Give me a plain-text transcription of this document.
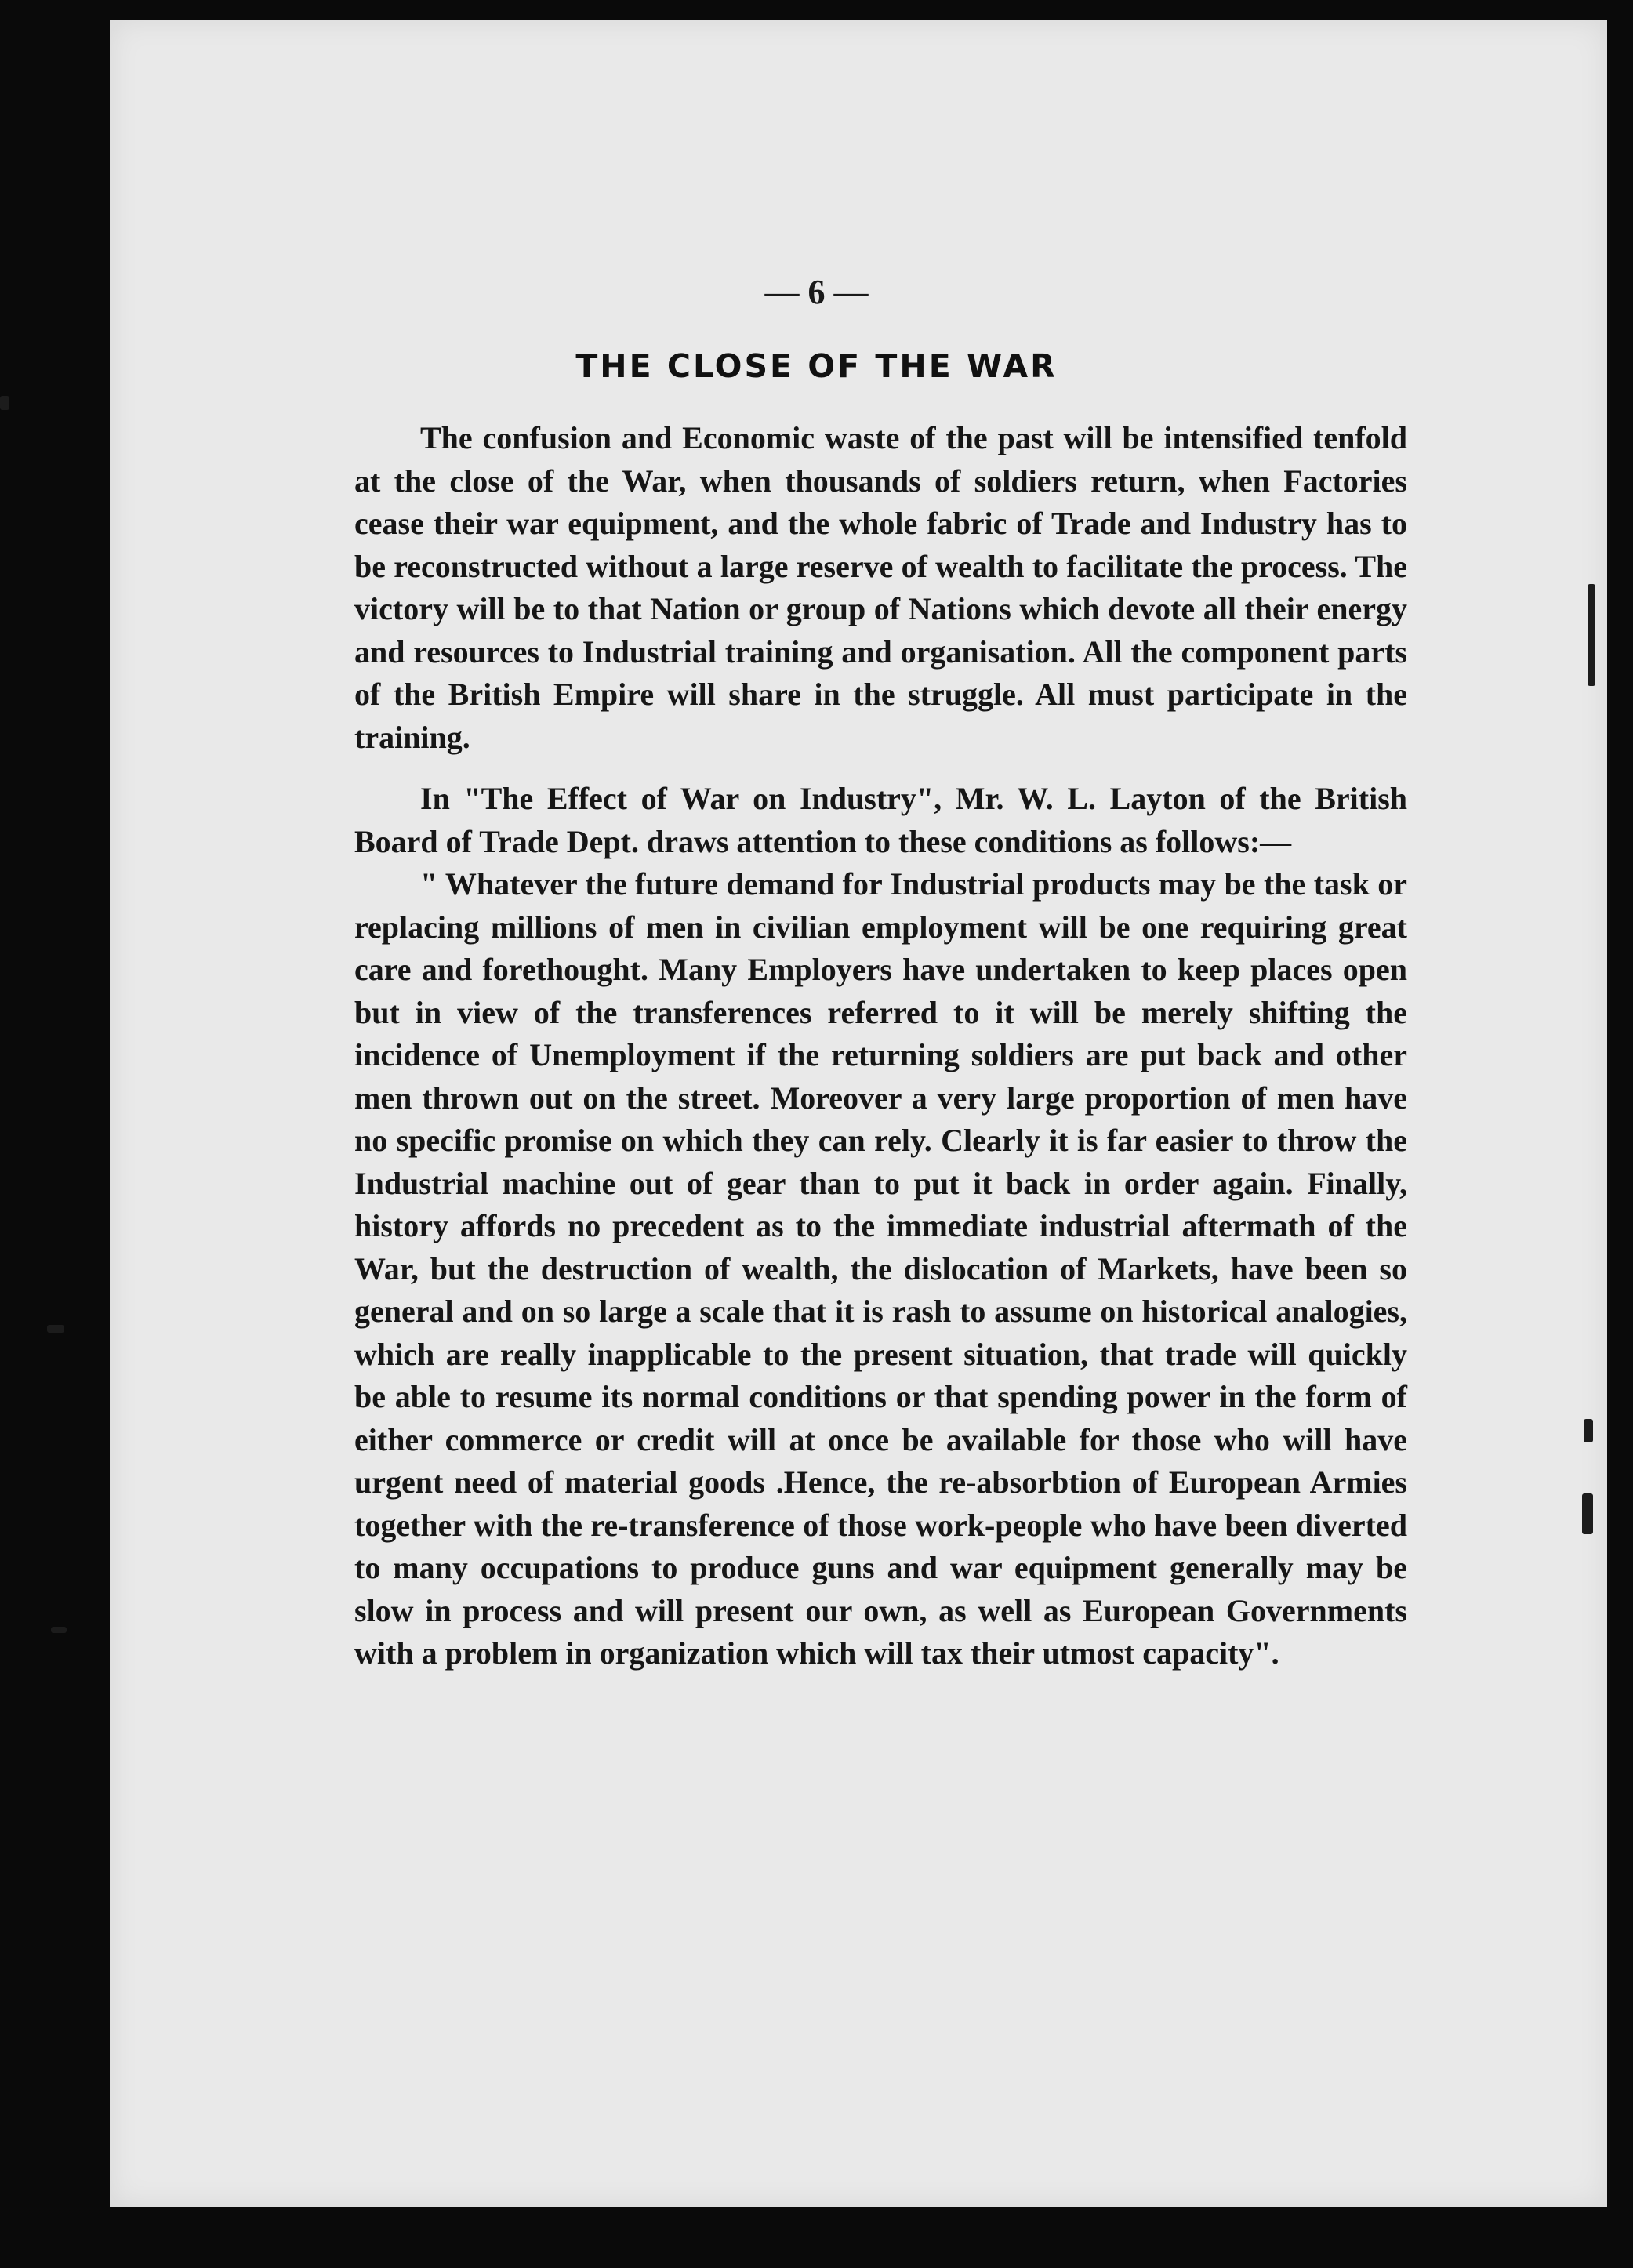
— 6 —
THE CLOSE OF THE WAR

The confusion and Economic waste of the past will be intensified tenfold at the close of the War, when thousands of soldiers return, when Factories cease their war equipment, and the whole fabric of Trade and Industry has to be reconstructed without a large reserve of wealth to facilitate the process. The victory will be to that Nation or group of Nations which devote all their energy and resources to Industrial training and organisation. All the component parts of the British Empire will share in the struggle. All must participate in the training.

In "The Effect of War on Industry", Mr. W. L. Layton of the British Board of Trade Dept. draws attention to these conditions as follows:—

" Whatever the future demand for Industrial products may be the task or replacing millions of men in civilian employment will be one requiring great care and forethought. Many Employers have undertaken to keep places open but in view of the transferences referred to it will be merely shifting the incidence of Unemployment if the returning soldiers are put back and other men thrown out on the street. Moreover a very large proportion of men have no specific promise on which they can rely. Clearly it is far easier to throw the Industrial machine out of gear than to put it back in order again. Finally, history affords no precedent as to the immediate industrial aftermath of the War, but the destruction of wealth, the dislocation of Markets, have been so general and on so large a scale that it is rash to assume on historical analogies, which are really inapplicable to the present situation, that trade will quickly be able to resume its normal conditions or that spending power in the form of either commerce or credit will at once be available for those who will have urgent need of material goods .Hence, the re-absorbtion of European Armies together with the re-transference of those work-people who have been diverted to many occupations to produce guns and war equipment generally may be slow in process and will present our own, as well as European Governments with a problem in organization which will tax their utmost capacity".
